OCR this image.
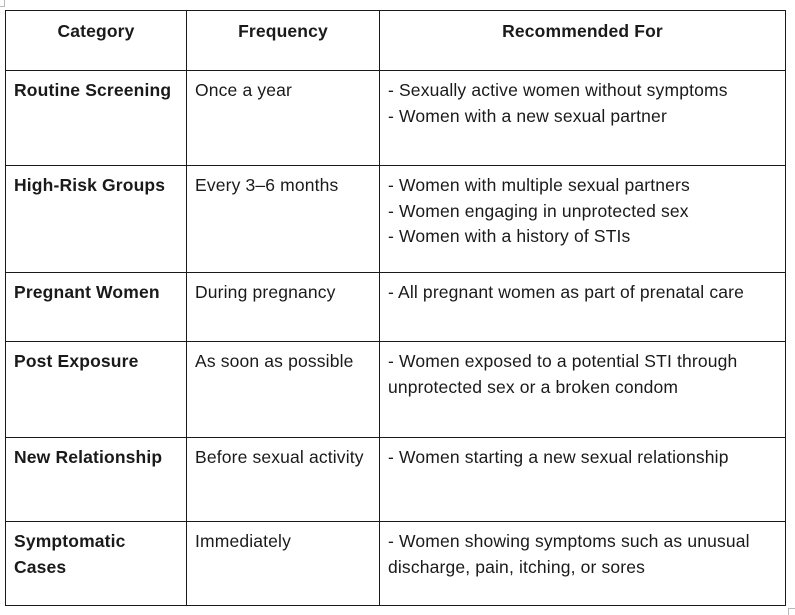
Category	Frequency	Recommended For
Routine Screening	Once a year	- Sexually active women without symptoms
- Women with a new sexual partner

High-Risk Groups	Every 3–6 months	- Women with multiple sexual partners
- Women engaging in unprotected sex
- Women with a history of STIs

Pregnant Women	During pregnancy	- All pregnant women as part of prenatal care

Post Exposure	As soon as possible	- Women exposed to a potential STI through unprotected sex or a broken condom

New Relationship	Before sexual activity	- Women starting a new sexual relationship

Symptomatic Cases	Immediately	- Women showing symptoms such as unusual discharge, pain, itching, or sores
